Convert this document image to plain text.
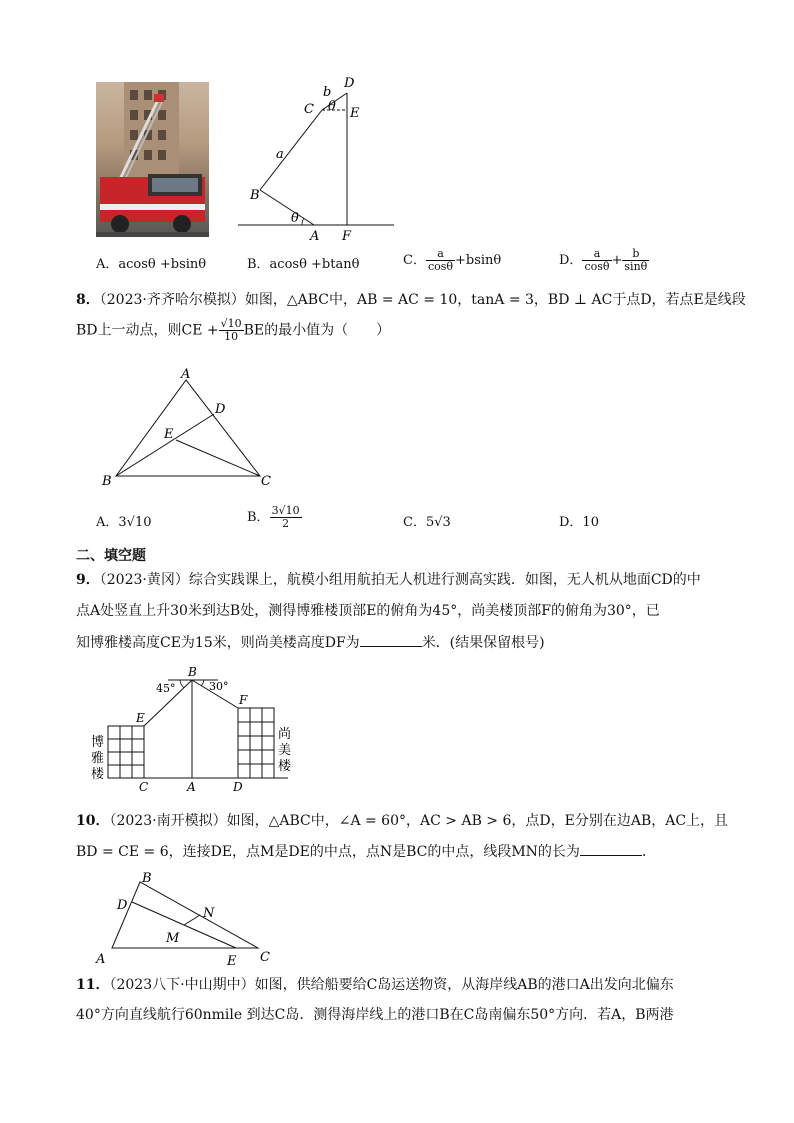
D
b
C θ E
a
B
θ
A F
A．acosθ +bsinθ	B．acosθ +btanθ	C． $\frac{a}{\cos\theta} +bsin\theta$	D． $\frac{a}{\cos\theta} + \frac{b}{\sin\theta}$
8．（2023·齐齐哈尔模拟）如图，△ABC中，AB = AC = 10，tanA = 3，BD ⊥ AC于点D，若点E是线段
BD上一动点，则CE + $\frac{√10}{10}$ BE的最小值为（　　）
A
D
E
B	C
A．3√10	B． $\frac{3√10}{2}$	C．5√3	D．10
二、填空题
9．（2023·黄冈）综合实践课上，航模小组用航拍无人机进行测高实践．如图，无人机从地面CD的中
点A处竖直上升30米到达B处，测得博雅楼顶部E的俯角为45°，尚美楼顶部F的俯角为30°，已
知博雅楼高度CE为15米，则尚美楼高度DF为	米．(结果保留根号)
B
45°	30°
E
F
C	A	D
博
雅
楼
尚
美
楼
10．（2023·南开模拟）如图，△ABC中，∠A = 60°，AC > AB > 6，点D，E分别在边AB，AC上，且
BD = CE = 6，连接DE，点M是DE的中点，点N是BC的中点，线段MN的长为	．
B
D
N
M
A	E C
11．（2023八下·中山期中）如图，供给船要给C岛运送物资，从海岸线AB的港口A出发向北偏东
40°方向直线航行60nmile 到达C岛．测得海岸线上的港口B在C岛南偏东50°方向．若A，B两港
